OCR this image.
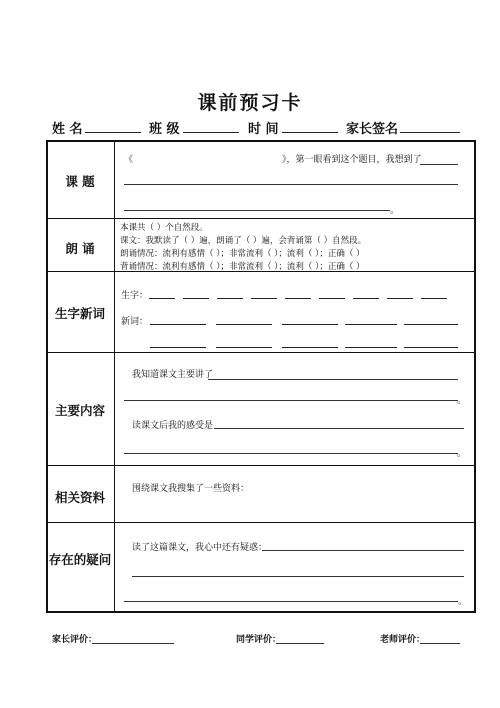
课前预习卡
姓 名	班 级	时 间	家长签名
课 题
《	》，第一眼看到这个题目，我想到了
。
朗 诵
本课共（ ）个自然段。
课文：我默读了（ ）遍，朗诵了（ ）遍，会背诵第（ ）自然段。
朗诵情况：流利有感情（ ）；非常流利（ ）；流利（ ）；正确（ ）
背诵情况：流利有感情（ ）；非常流利（ ）；流利（ ）；正确（ ）
生字新词
生字：
新词：
主要内容
我知道课文主要讲了
。
读课文后我的感受是
。
相关资料
围绕课文我搜集了一些资料：
存在的疑问
读了这篇课文，我心中还有疑惑：
。
家长评价：	同学评价：	老师评价：
